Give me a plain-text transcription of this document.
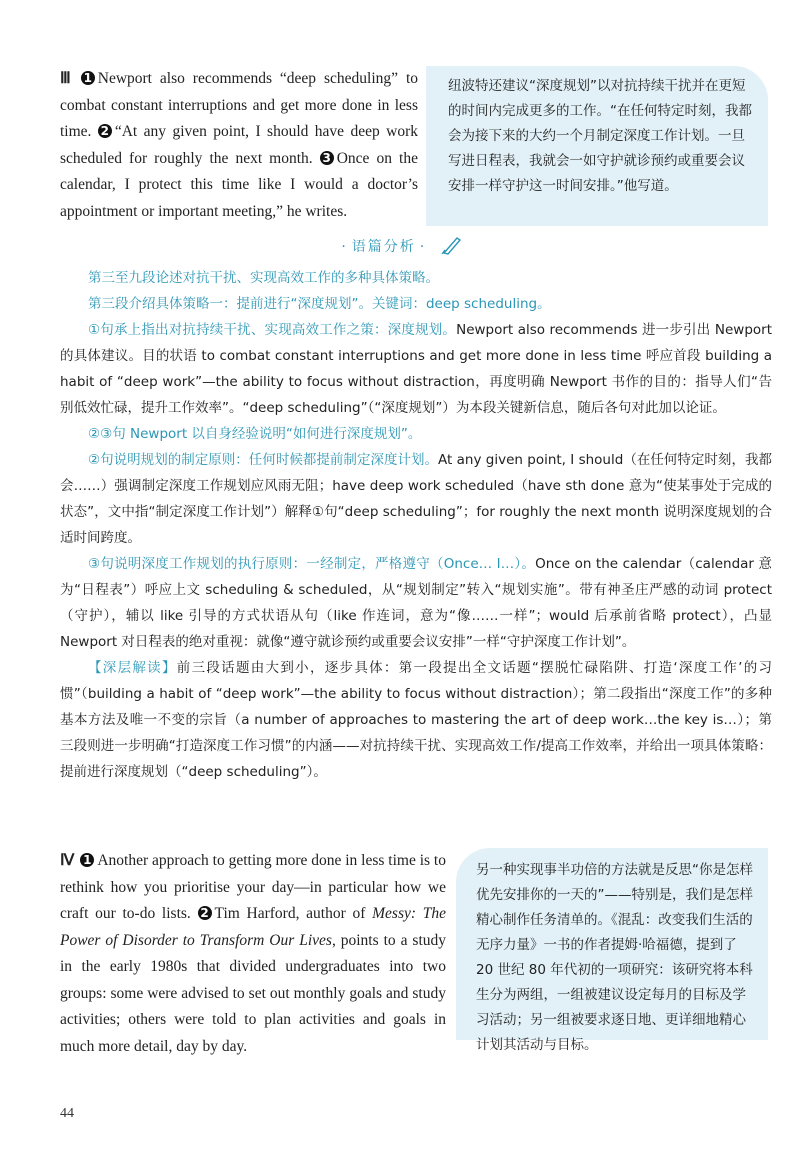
Ⅲ 1 Newport also recommends “deep scheduling” to combat constant interruptions and get more done in less time. 2 “At any given point, I should have deep work scheduled for roughly the next month. 3 Once on the calendar, I protect this time like I would a doctor’s appointment or important meeting,” he writes.
纽波特还建议“深度规划”以对抗持续干扰并在更短的时间内完成更多的工作。“在任何特定时刻，我都会为接下来的大约一个月制定深度工作计划。一旦写进日程表，我就会一如守护就诊预约或重要会议安排一样守护这一时间安排。”他写道。
· 语篇分析 ·

第三至九段论述对抗干扰、实现高效工作的多种具体策略。

第三段介绍具体策略一：提前进行“深度规划”。关键词：deep scheduling。

①句承上指出对抗持续干扰、实现高效工作之策：深度规划。Newport also recommends 进一步引出 Newport 的具体建议。目的状语 to combat constant interruptions and get more done in less time 呼应首段 building a habit of “deep work”—the ability to focus without distraction，再度明确 Newport 书作的目的：指导人们“告别低效忙碌，提升工作效率”。“deep scheduling”（“深度规划”）为本段关键新信息，随后各句对此加以论证。

②③句 Newport 以自身经验说明“如何进行深度规划”。

②句说明规划的制定原则：任何时候都提前制定深度计划。At any given point, I should（在任何特定时刻，我都会……）强调制定深度工作规划应风雨无阻；have deep work scheduled（have sth done 意为“使某事处于完成的状态”，文中指“制定深度工作计划”）解释①句“deep scheduling”；for roughly the next month 说明深度规划的合适时间跨度。

③句说明深度工作规划的执行原则：一经制定，严格遵守（Once… I…）。Once on the calendar（calendar 意为“日程表”）呼应上文 scheduling & scheduled，从“规划制定”转入“规划实施”。带有神圣庄严感的动词 protect（守护），辅以 like 引导的方式状语从句（like 作连词，意为“像……一样”；would 后承前省略 protect），凸显 Newport 对日程表的绝对重视：就像“遵守就诊预约或重要会议安排”一样“守护深度工作计划”。

【深层解读】前三段话题由大到小，逐步具体：第一段提出全文话题“摆脱忙碌陷阱、打造‘深度工作’的习惯”（building a habit of “deep work”—the ability to focus without distraction）；第二段指出“深度工作”的多种基本方法及唯一不变的宗旨（a number of approaches to mastering the art of deep work…the key is…）；第三段则进一步明确“打造深度工作习惯”的内涵——对抗持续干扰、实现高效工作/提高工作效率，并给出一项具体策略：提前进行深度规划（“deep scheduling”）。

Ⅳ 1 Another approach to getting more done in less time is to rethink how you prioritise your day—in particular how we craft our to-do lists. 2 Tim Harford, author of Messy: The Power of Disorder to Transform Our Lives, points to a study in the early 1980s that divided undergraduates into two groups: some were advised to set out monthly goals and study activities; others were told to plan activities and goals in much more detail, day by day.
另一种实现事半功倍的方法就是反思“你是怎样优先安排你的一天的”——特别是，我们是怎样精心制作任务清单的。《混乱：改变我们生活的无序力量》一书的作者提姆·哈福德，提到了 20 世纪 80 年代初的一项研究：该研究将本科生分为两组，一组被建议设定每月的目标及学习活动；另一组被要求逐日地、更详细地精心计划其活动与目标。
44
